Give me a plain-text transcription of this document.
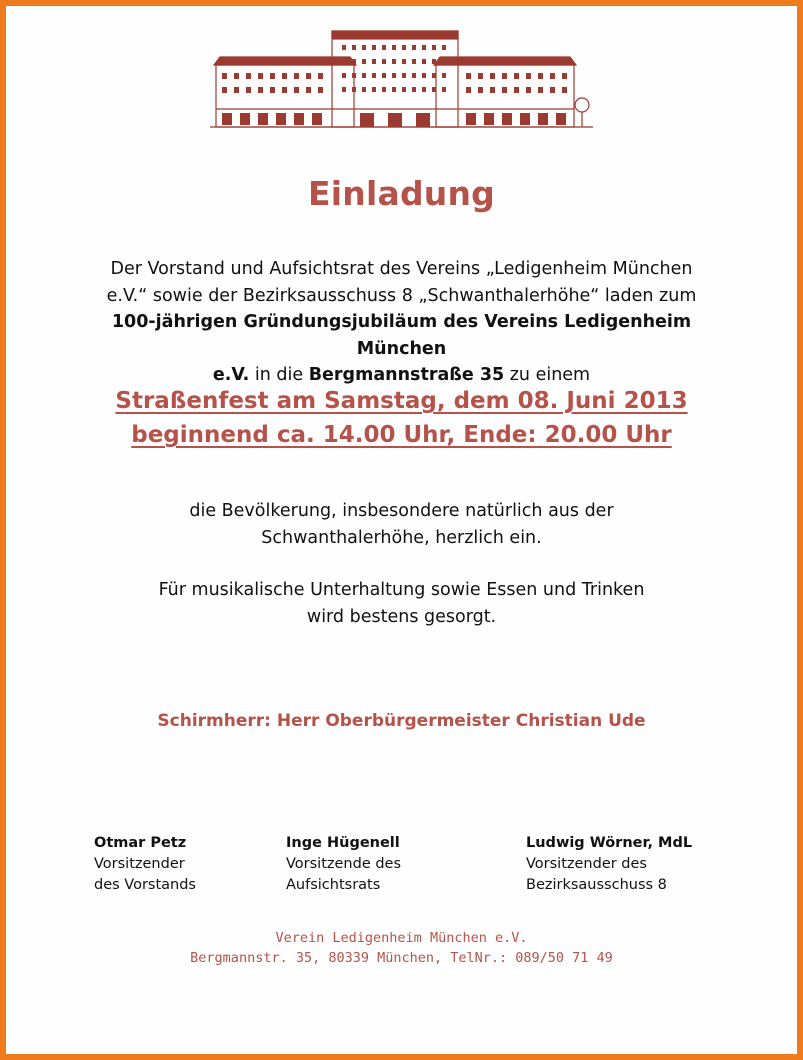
Einladung
Der Vorstand und Aufsichtsrat des Vereins „Ledigenheim München
e.V.“ sowie der Bezirksausschuss 8 „Schwanthalerhöhe“ laden zum
100-jährigen Gründungsjubiläum des Vereins Ledigenheim München
e.V. in die Bergmannstraße 35 zu einem
Straßenfest am Samstag, dem 08. Juni 2013
beginnend ca. 14.00 Uhr, Ende: 20.00 Uhr
die Bevölkerung, insbesondere natürlich aus der
Schwanthalerhöhe, herzlich ein.
Für musikalische Unterhaltung sowie Essen und Trinken
wird bestens gesorgt.
Schirmherr: Herr Oberbürgermeister Christian Ude
Otmar Petz
Vorsitzender
des Vorstands
Inge Hügenell
Vorsitzende des
Aufsichtsrats
Ludwig Wörner, MdL
Vorsitzender des
Bezirksausschuss 8
Verein Ledigenheim München e.V.
Bergmannstr. 35, 80339 München, TelNr.: 089/50 71 49
